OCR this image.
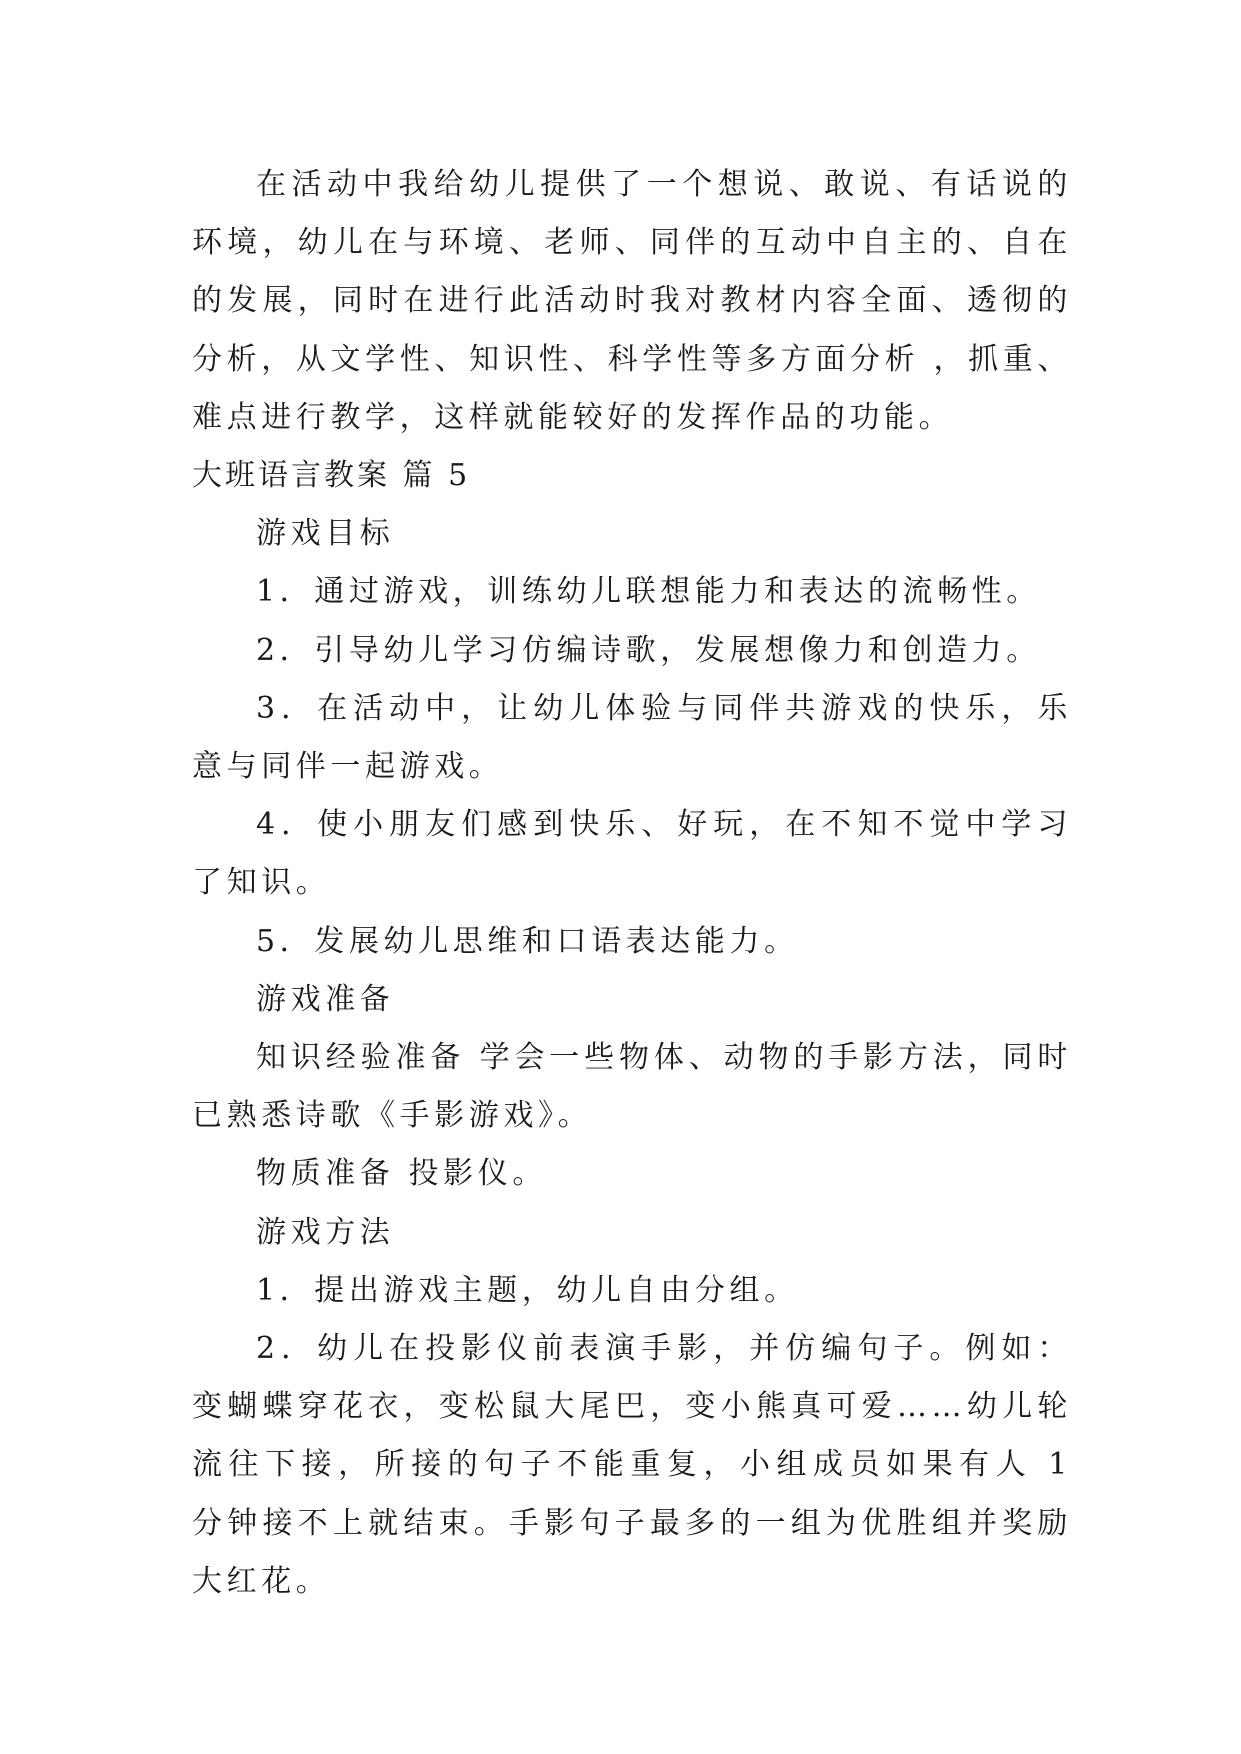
在活动中我给幼儿提供了一个想说、敢说、有话说的环境，幼儿在与环境、老师、同伴的互动中自主的、自在的发展，同时在进行此活动时我对教材内容全面、透彻的分析，从文学性、知识性、科学性等多方面分析 ，抓重、难点进行教学，这样就能较好的发挥作品的功能。

大班语言教案 篇 5

游戏目标

1．通过游戏，训练幼儿联想能力和表达的流畅性。

2．引导幼儿学习仿编诗歌，发展想像力和创造力。

3．在活动中，让幼儿体验与同伴共游戏的快乐，乐意与同伴一起游戏。

4．使小朋友们感到快乐、好玩，在不知不觉中学习了知识。

5．发展幼儿思维和口语表达能力。

游戏准备

知识经验准备 学会一些物体、动物的手影方法，同时已熟悉诗歌《手影游戏》。

物质准备 投影仪。

游戏方法

1．提出游戏主题，幼儿自由分组。

2．幼儿在投影仪前表演手影，并仿编句子。例如：变蝴蝶穿花衣，变松鼠大尾巴，变小熊真可爱……幼儿轮流往下接，所接的句子不能重复，小组成员如果有人 1 分钟接不上就结束。手影句子最多的一组为优胜组并奖励大红花。
